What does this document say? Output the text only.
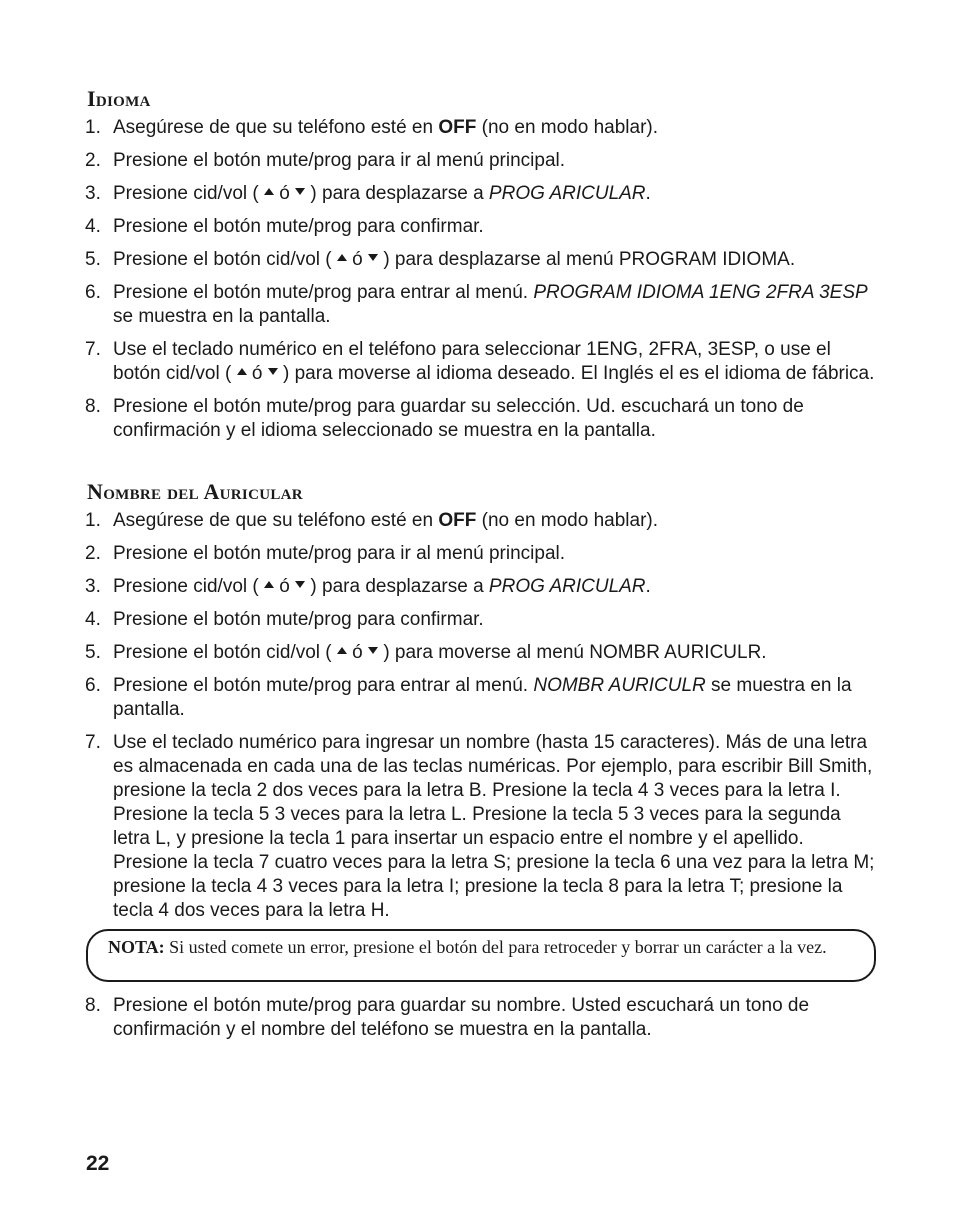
Idioma
1. Asegúrese de que su teléfono esté en OFF (no en modo hablar).
2. Presione el botón mute/prog para ir al menú principal.
3. Presione cid/vol (  ó  ) para desplazarse a PROG ARICULAR.
4. Presione el botón mute/prog para confirmar.
5. Presione el botón cid/vol (  ó  ) para desplazarse al menú PROGRAM IDIOMA.
6. Presione el botón mute/prog para entrar al menú. PROGRAM IDIOMA 1ENG 2FRA 3ESP se muestra en la pantalla.
7. Use el teclado numérico en el teléfono para seleccionar 1ENG, 2FRA, 3ESP, o use el botón cid/vol (  ó  ) para moverse al idioma deseado. El Inglés el es el idioma de fábrica.
8. Presione el botón mute/prog para guardar su selección. Ud. escuchará un tono de confirmación y el idioma seleccionado se muestra en la pantalla.
Nombre del Auricular
1. Asegúrese de que su teléfono esté en OFF (no en modo hablar).
2. Presione el botón mute/prog para ir al menú principal.
3. Presione cid/vol (  ó  ) para desplazarse a PROG ARICULAR.
4. Presione el botón mute/prog para confirmar.
5. Presione el botón cid/vol (  ó  ) para moverse al menú NOMBR AURICULR.
6. Presione el botón mute/prog para entrar al menú. NOMBR AURICULR se muestra en la pantalla.
7. Use el teclado numérico para ingresar un nombre (hasta 15 caracteres). Más de una letra es almacenada en cada una de las teclas numéricas. Por ejemplo, para escribir Bill Smith, presione la tecla 2 dos veces para la letra B. Presione la tecla 4 3 veces para la letra I. Presione la tecla 5 3 veces para la letra L. Presione la tecla 5 3 veces para la segunda letra L, y presione la tecla 1 para insertar un espacio entre el nombre y el apellido. Presione la tecla 7 cuatro veces para la letra S; presione la tecla 6 una vez para la letra M; presione la tecla 4 3 veces para la letra I; presione la tecla 8 para la letra T; presione la tecla 4 dos veces para la letra H.
NOTA: Si usted comete un error, presione el botón del para retroceder y borrar un carácter a la vez.
8. Presione el botón mute/prog para guardar su nombre. Usted escuchará un tono de confirmación y el nombre del teléfono se muestra en la pantalla.
22
